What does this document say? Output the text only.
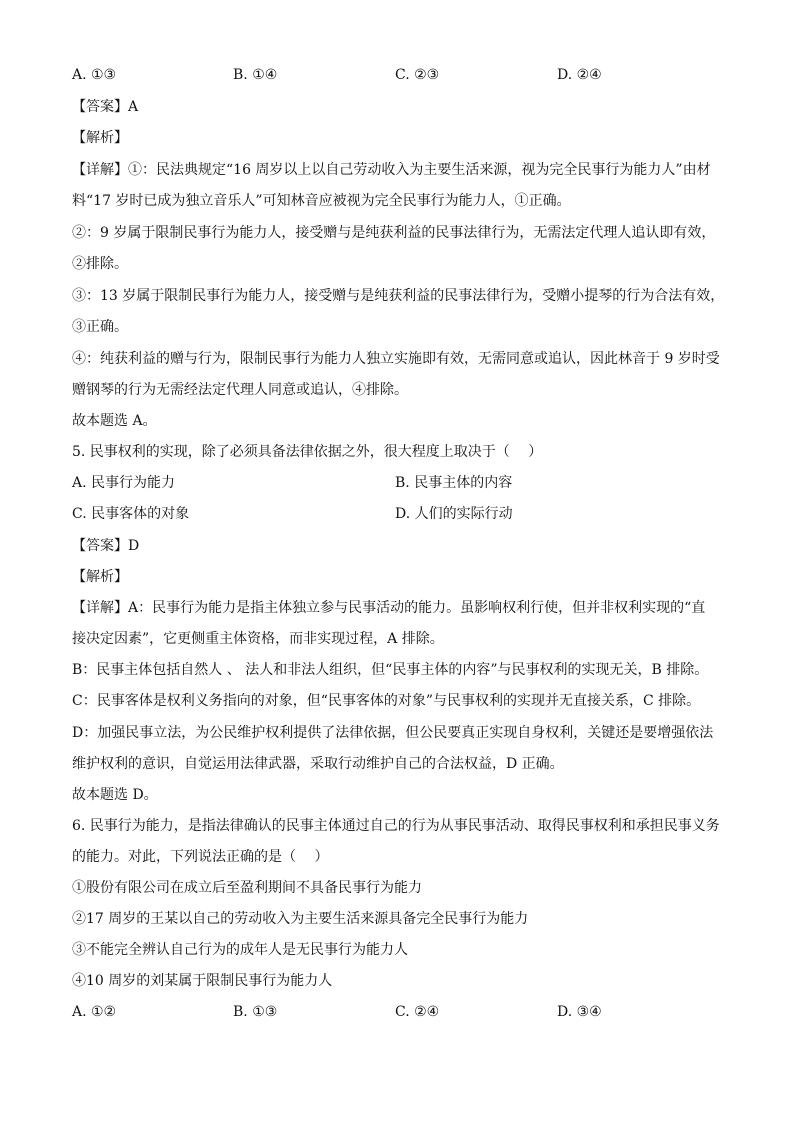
A. ①③	B. ①④	C. ②③	D. ②④
【答案】A
【解析】
【详解】①：民法典规定“16 周岁以上以自己劳动收入为主要生活来源，视为完全民事行为能力人”由材
料“17 岁时已成为独立音乐人”可知林音应被视为完全民事行为能力人，①正确。
②：9 岁属于限制民事行为能力人，接受赠与是纯获利益的民事法律行为，无需法定代理人追认即有效，
②排除。
③：13 岁属于限制民事行为能力人，接受赠与是纯获利益的民事法律行为，受赠小提琴的行为合法有效，
③正确。
④：纯获利益的赠与行为，限制民事行为能力人独立实施即有效，无需同意或追认，因此林音于 9 岁时受
赠钢琴的行为无需经法定代理人同意或追认，④排除。
故本题选 A。
5. 民事权利的实现，除了必须具备法律依据之外，很大程度上取决于（　 ）
A. 民事行为能力	B. 民事主体的内容
C. 民事客体的对象	D. 人们的实际行动
【答案】D
【解析】
【详解】A：民事行为能力是指主体独立参与民事活动的能力。虽影响权利行使，但并非权利实现的“直
接决定因素”，它更侧重主体资格，而非实现过程，A 排除。
B：民事主体包括自然人 、 法人和非法人组织，但“民事主体的内容”与民事权利的实现无关，B 排除。
C：民事客体是权利义务指向的对象，但“民事客体的对象”与民事权利的实现并无直接关系，C 排除。
D：加强民事立法，为公民维护权利提供了法律依据，但公民要真正实现自身权利，关键还是要增强依法
维护权利的意识，自觉运用法律武器，采取行动维护自己的合法权益，D 正确。
故本题选 D。
6. 民事行为能力，是指法律确认的民事主体通过自己的行为从事民事活动、取得民事权利和承担民事义务
的能力。对此，下列说法正确的是（　 ）
①股份有限公司在成立后至盈利期间不具备民事行为能力
②17 周岁的王某以自己的劳动收入为主要生活来源具备完全民事行为能力
③不能完全辨认自己行为的成年人是无民事行为能力人
④10 周岁的刘某属于限制民事行为能力人
A. ①②	B. ①③	C. ②④	D. ③④
